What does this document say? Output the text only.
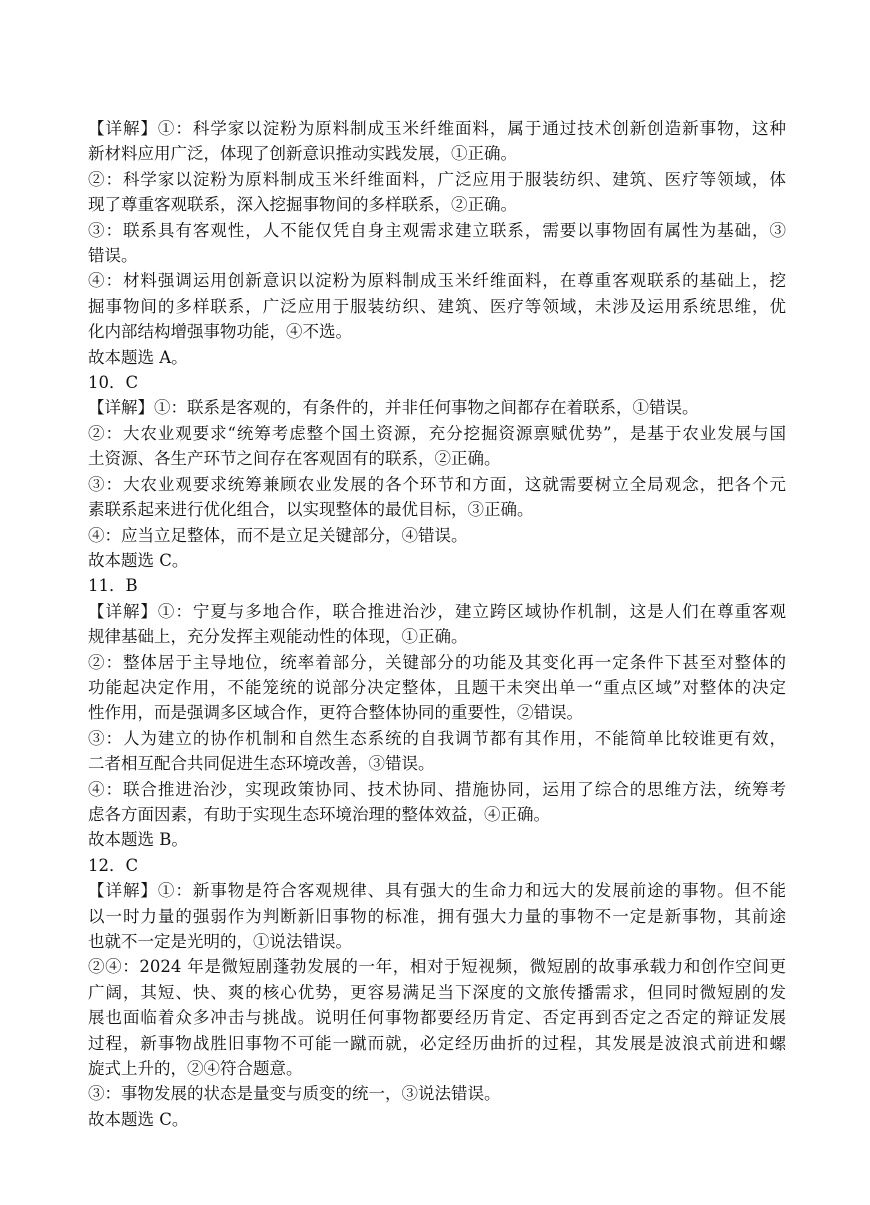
【详解】①：科学家以淀粉为原料制成玉米纤维面料，属于通过技术创新创造新事物，这种
新材料应用广泛，体现了创新意识推动实践发展，①正确。
②：科学家以淀粉为原料制成玉米纤维面料，广泛应用于服装纺织、建筑、医疗等领域，体
现了尊重客观联系，深入挖掘事物间的多样联系，②正确。
③：联系具有客观性，人不能仅凭自身主观需求建立联系，需要以事物固有属性为基础，③
错误。
④：材料强调运用创新意识以淀粉为原料制成玉米纤维面料，在尊重客观联系的基础上，挖
掘事物间的多样联系，广泛应用于服装纺织、建筑、医疗等领域，未涉及运用系统思维，优
化内部结构增强事物功能，④不选。
故本题选 A。
10．C
【详解】①：联系是客观的，有条件的，并非任何事物之间都存在着联系，①错误。
②：大农业观要求“统筹考虑整个国土资源，充分挖掘资源禀赋优势”，是基于农业发展与国
土资源、各生产环节之间存在客观固有的联系，②正确。
③：大农业观要求统筹兼顾农业发展的各个环节和方面，这就需要树立全局观念，把各个元
素联系起来进行优化组合，以实现整体的最优目标，③正确。
④：应当立足整体，而不是立足关键部分，④错误。
故本题选 C。
11．B
【详解】①：宁夏与多地合作，联合推进治沙，建立跨区域协作机制，这是人们在尊重客观
规律基础上，充分发挥主观能动性的体现，①正确。
②：整体居于主导地位，统率着部分，关键部分的功能及其变化再一定条件下甚至对整体的
功能起决定作用，不能笼统的说部分决定整体，且题干未突出单一“重点区域”对整体的决定
性作用，而是强调多区域合作，更符合整体协同的重要性，②错误。
③：人为建立的协作机制和自然生态系统的自我调节都有其作用，不能简单比较谁更有效，
二者相互配合共同促进生态环境改善，③错误。
④：联合推进治沙，实现政策协同、技术协同、措施协同，运用了综合的思维方法，统筹考
虑各方面因素，有助于实现生态环境治理的整体效益，④正确。
故本题选 B。
12．C
【详解】①：新事物是符合客观规律、具有强大的生命力和远大的发展前途的事物。但不能
以一时力量的强弱作为判断新旧事物的标准，拥有强大力量的事物不一定是新事物，其前途
也就不一定是光明的，①说法错误。
②④：2024 年是微短剧蓬勃发展的一年，相对于短视频，微短剧的故事承载力和创作空间更
广阔，其短、快、爽的核心优势，更容易满足当下深度的文旅传播需求，但同时微短剧的发
展也面临着众多冲击与挑战。说明任何事物都要经历肯定、否定再到否定之否定的辩证发展
过程，新事物战胜旧事物不可能一蹴而就，必定经历曲折的过程，其发展是波浪式前进和螺
旋式上升的，②④符合题意。
③：事物发展的状态是量变与质变的统一，③说法错误。
故本题选 C。
